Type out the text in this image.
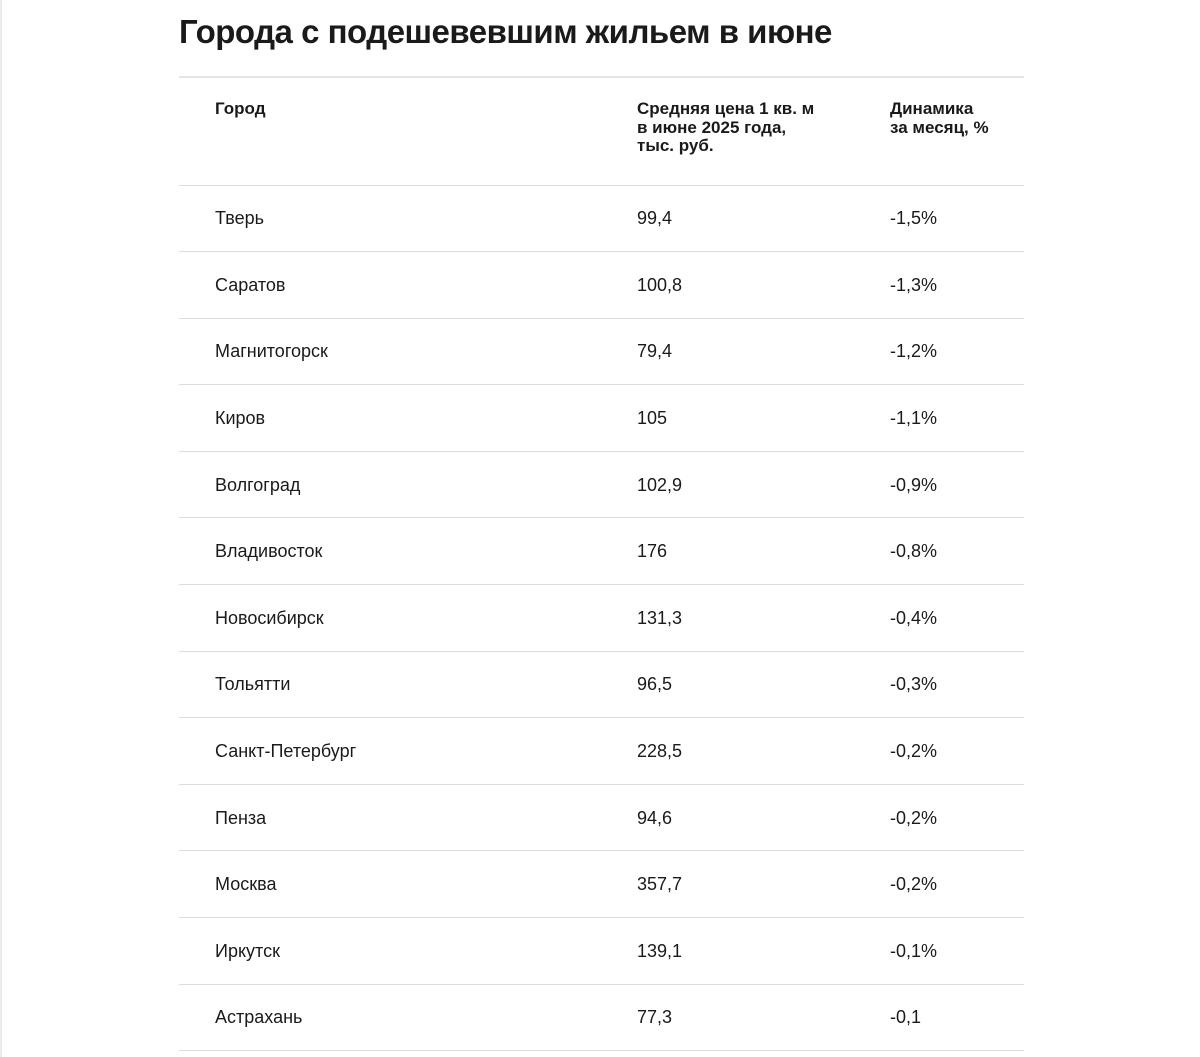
Города с подешевевшим жильем в июне
Город	Средняя цена 1 кв. м в июне 2025 года, тыс. руб.	Динамика за месяц, %
Тверь	99,4	-1,5%
Саратов	100,8	-1,3%
Магнитогорск	79,4	-1,2%
Киров	105	-1,1%
Волгоград	102,9	-0,9%
Владивосток	176	-0,8%
Новосибирск	131,3	-0,4%
Тольятти	96,5	-0,3%
Санкт-Петербург	228,5	-0,2%
Пенза	94,6	-0,2%
Москва	357,7	-0,2%
Иркутск	139,1	-0,1%
Астрахань	77,3	-0,1
